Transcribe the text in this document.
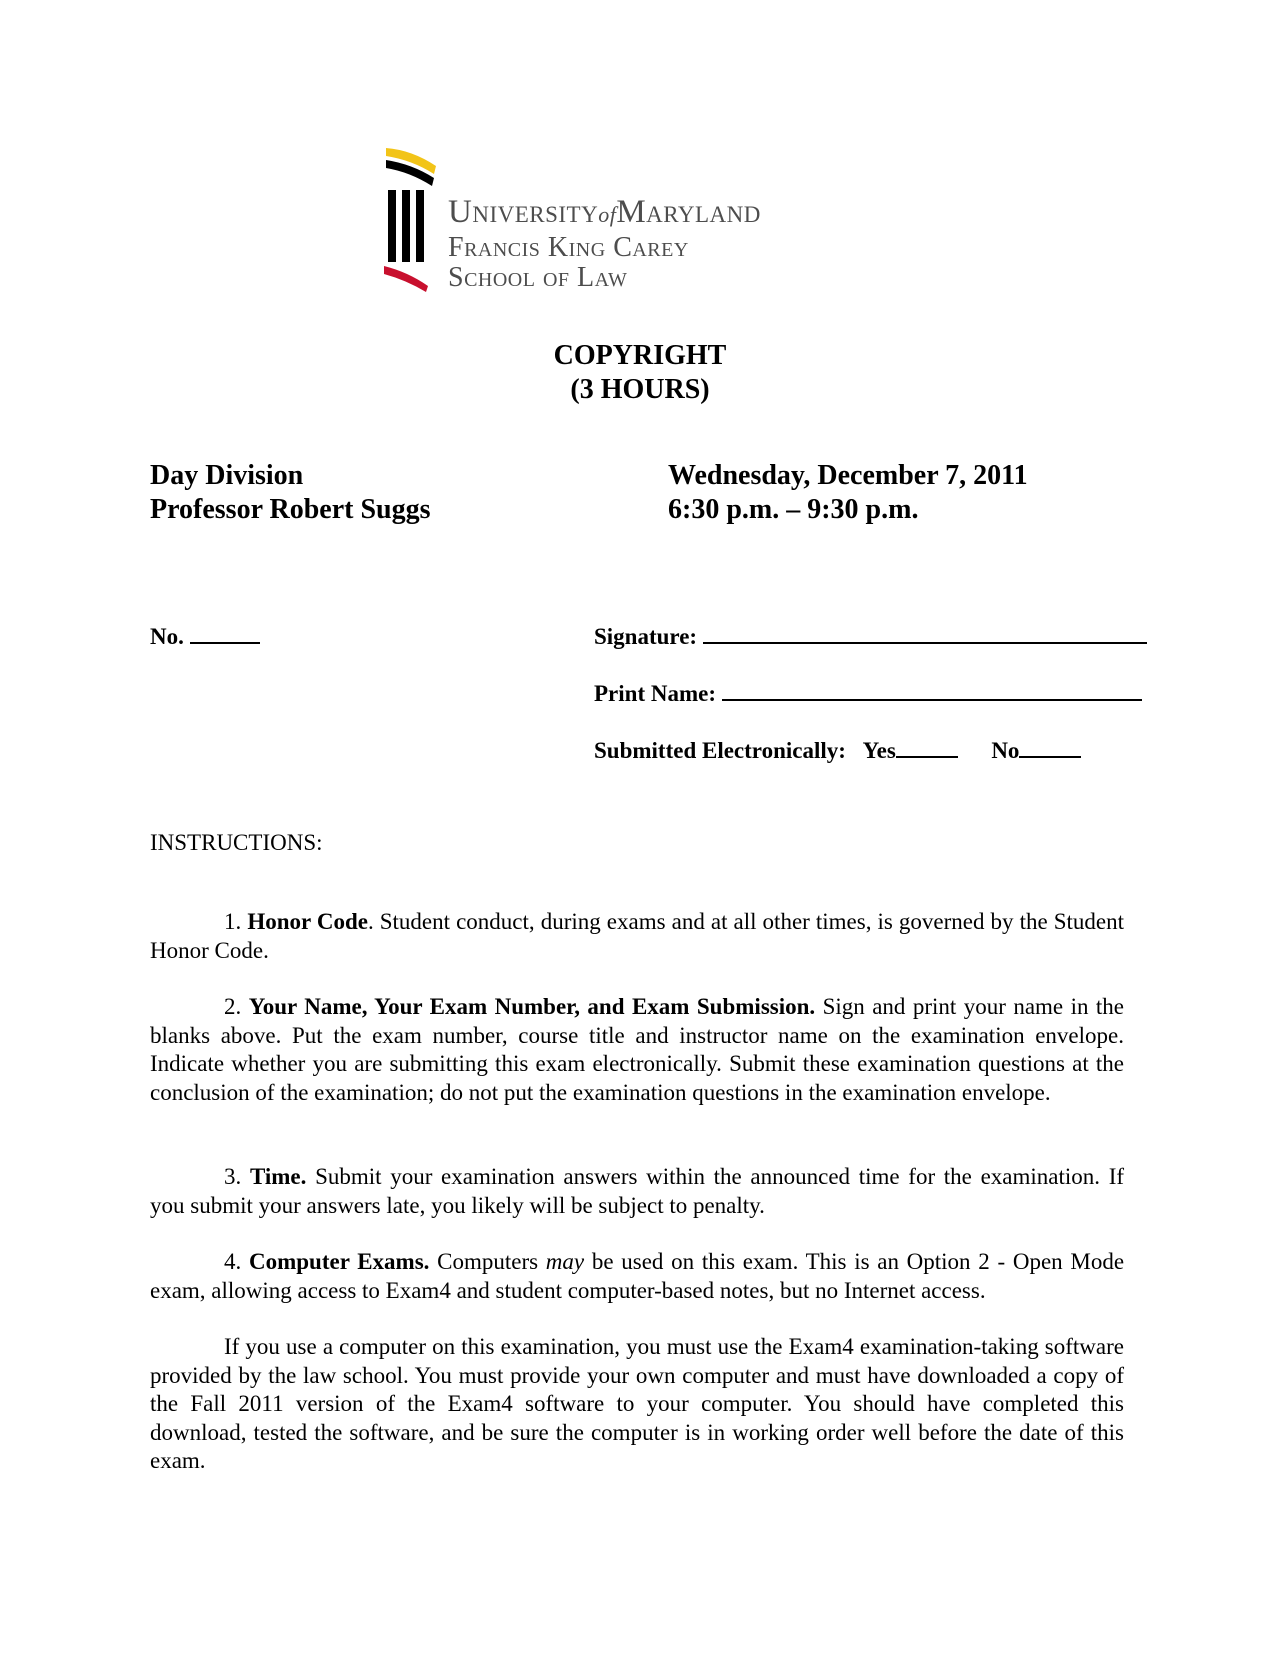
UniversityofMaryland
Francis King Carey
School of Law
COPYRIGHT
(3 HOURS)
Day Division
Professor Robert Suggs
Wednesday, December 7, 2011
6:30 p.m. – 9:30 p.m.
No.	Signature:
Print Name:
Submitted Electronically: Yes	No
INSTRUCTIONS:
1. Honor Code. Student conduct, during exams and at all other times, is governed by the Student Honor Code.
2. Your Name, Your Exam Number, and Exam Submission. Sign and print your name in the blanks above. Put the exam number, course title and instructor name on the examination envelope. Indicate whether you are submitting this exam electronically. Submit these examination questions at the conclusion of the examination; do not put the examination questions in the examination envelope.
3. Time. Submit your examination answers within the announced time for the examination. If you submit your answers late, you likely will be subject to penalty.
4. Computer Exams. Computers may be used on this exam. This is an Option 2 - Open Mode exam, allowing access to Exam4 and student computer-based notes, but no Internet access.
If you use a computer on this examination, you must use the Exam4 examination-taking software provided by the law school. You must provide your own computer and must have downloaded a copy of the Fall 2011 version of the Exam4 software to your computer. You should have completed this download, tested the software, and be sure the computer is in working order well before the date of this exam.
